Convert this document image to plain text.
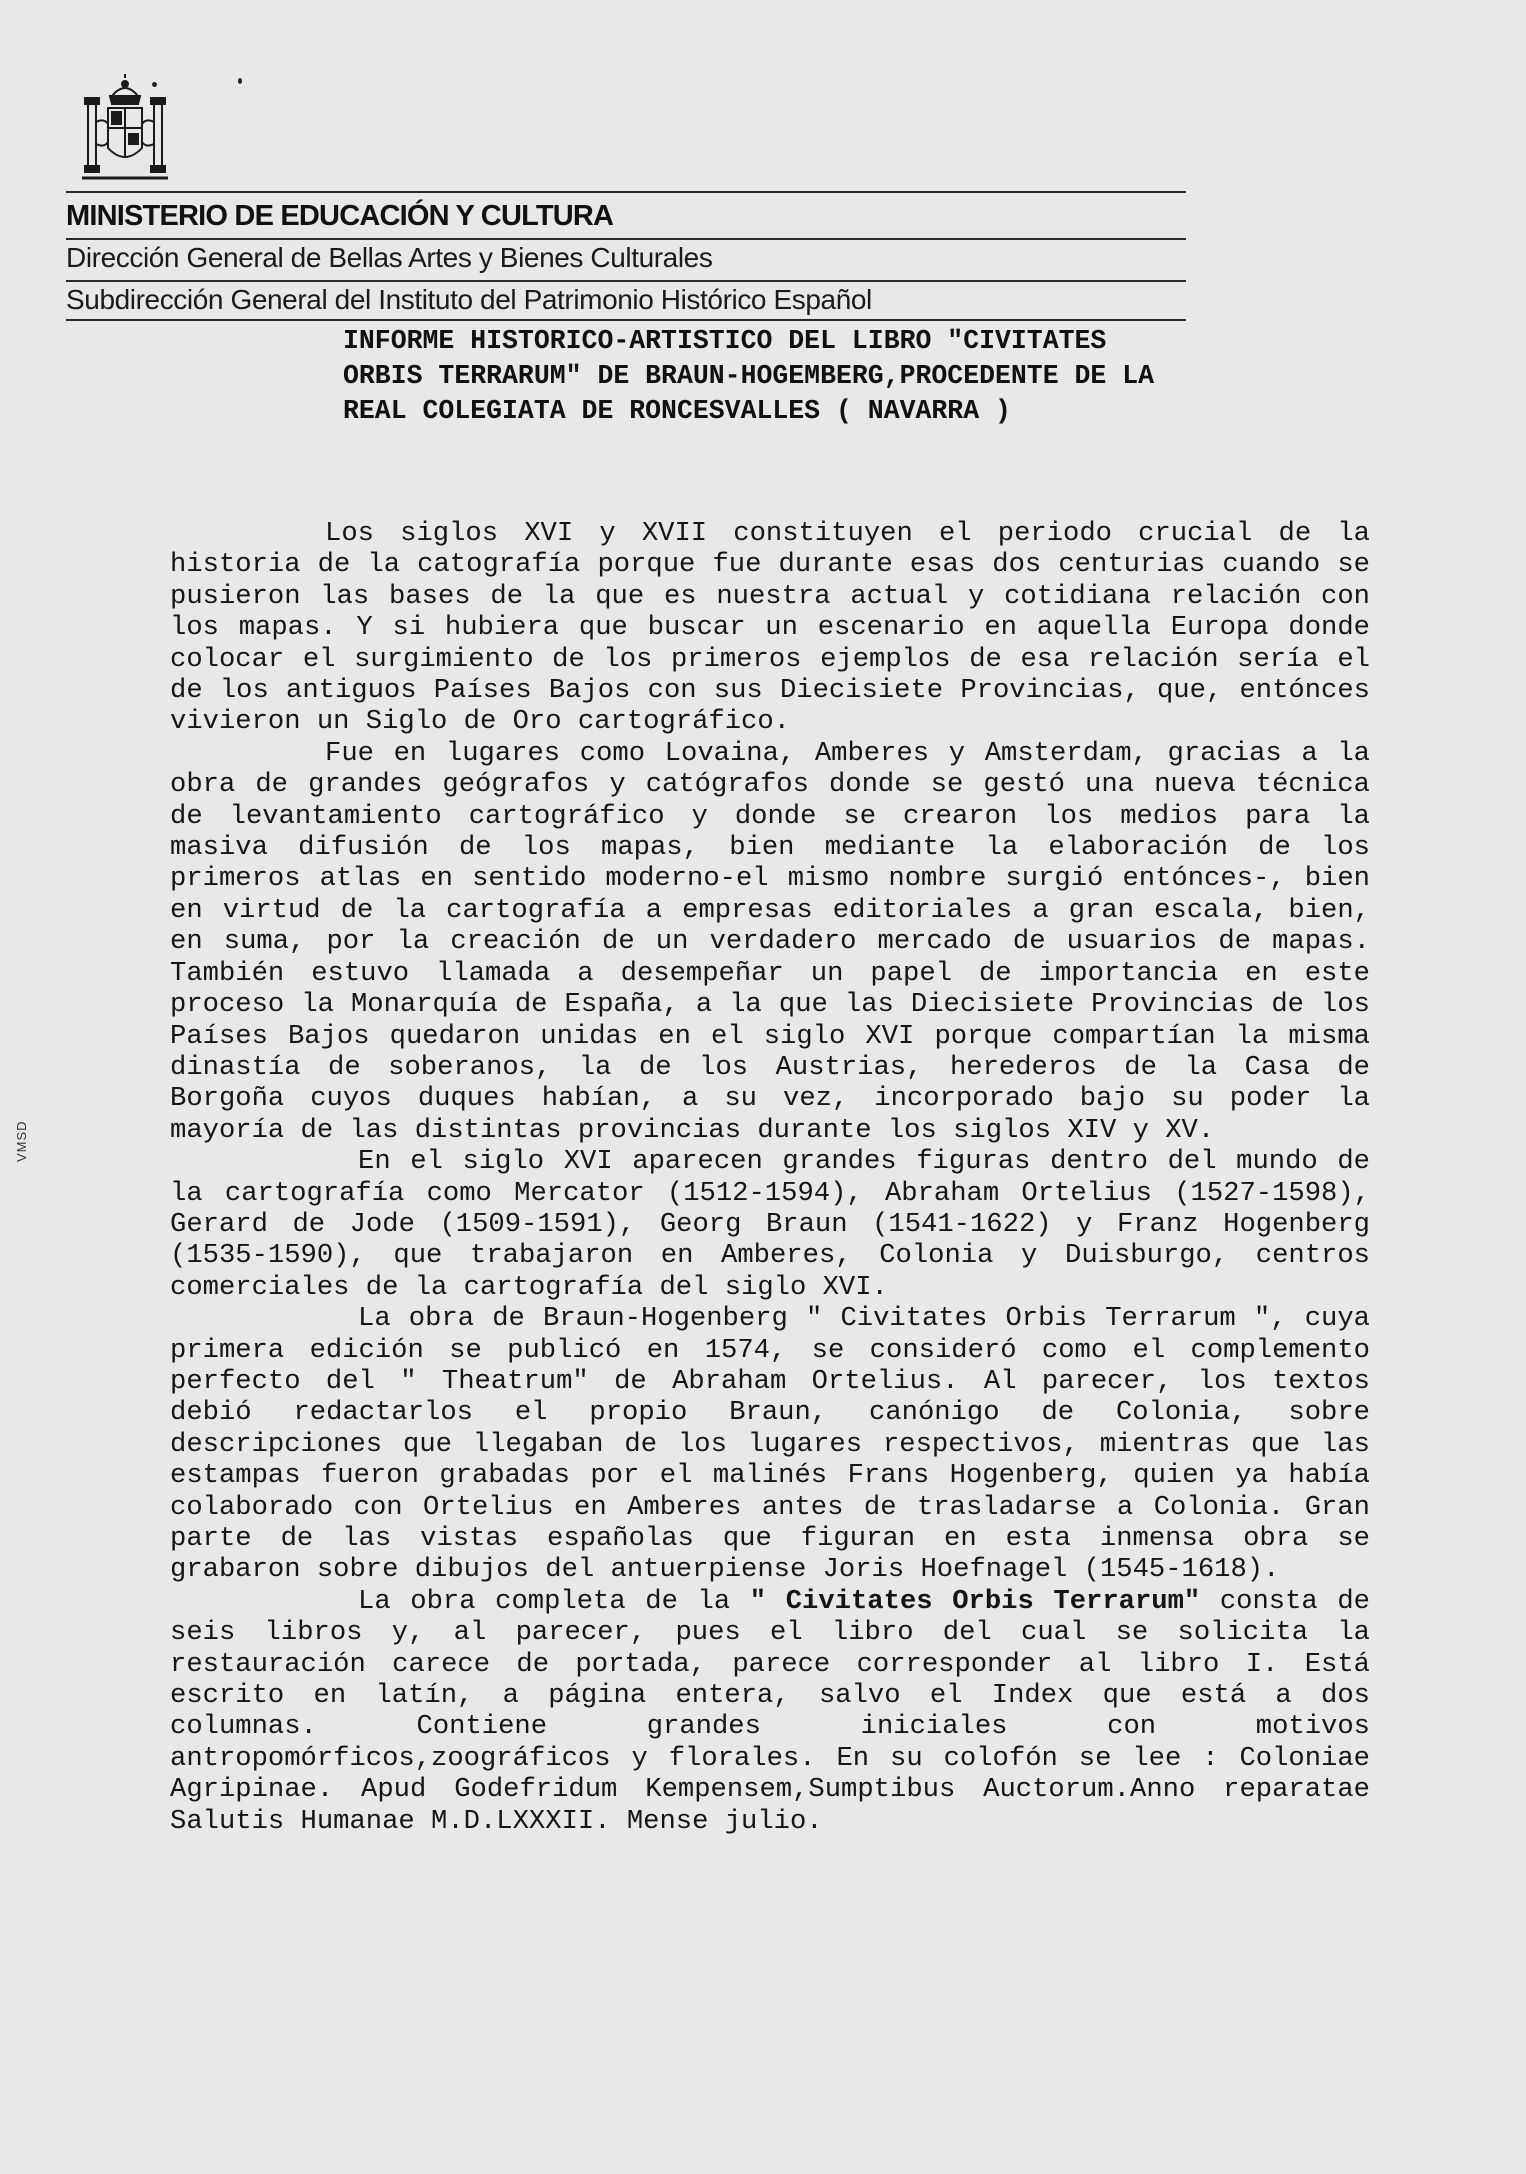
MINISTERIO DE EDUCACIÓN Y CULTURA
Dirección General de Bellas Artes y Bienes Culturales
Subdirección General del Instituto del Patrimonio Histórico Español
INFORME HISTORICO-ARTISTICO DEL LIBRO "CIVITATES
ORBIS TERRARUM" DE BRAUN-HOGEMBERG,PROCEDENTE DE LA
REAL COLEGIATA DE RONCESVALLES ( NAVARRA )

Los siglos XVI y XVII constituyen el periodo crucial de la historia de la catografía porque fue durante esas dos centurias cuando se pusieron las bases de la que es nuestra actual y cotidiana relación con los mapas. Y si hubiera que buscar un escenario en aquella Europa donde colocar el surgimiento de los primeros ejemplos de esa relación sería el de los antiguos Países Bajos con sus Diecisiete Provincias, que, entónces vivieron un Siglo de Oro cartográfico.

Fue en lugares como Lovaina, Amberes y Amsterdam, gracias a la obra de grandes geógrafos y catógrafos donde se gestó una nueva técnica de levantamiento cartográfico y donde se crearon los medios para la masiva difusión de los mapas, bien mediante la elaboración de los primeros atlas en sentido moderno-el mismo nombre surgió entónces-, bien en virtud de la cartografía a empresas editoriales a gran escala, bien, en suma, por la creación de un verdadero mercado de usuarios de mapas. También estuvo llamada a desempeñar un papel de importancia en este proceso la Monarquía de España, a la que las Diecisiete Provincias de los Países Bajos quedaron unidas en el siglo XVI porque compartían la misma dinastía de soberanos, la de los Austrias, herederos de la Casa de Borgoña cuyos duques habían, a su vez, incorporado bajo su poder la mayoría de las distintas provincias durante los siglos XIV y XV.

En el siglo XVI aparecen grandes figuras dentro del mundo de la cartografía como Mercator (1512-1594), Abraham Ortelius (1527-1598), Gerard de Jode (1509-1591), Georg Braun (1541-1622) y Franz Hogenberg (1535-1590), que trabajaron en Amberes, Colonia y Duisburgo, centros comerciales de la cartografía del siglo XVI.

La obra de Braun-Hogenberg " Civitates Orbis Terrarum ", cuya primera edición se publicó en 1574, se consideró como el complemento perfecto del " Theatrum" de Abraham Ortelius. Al parecer, los textos debió redactarlos el propio Braun, canónigo de Colonia, sobre descripciones que llegaban de los lugares respectivos, mientras que las estampas fueron grabadas por el malinés Frans Hogenberg, quien ya había colaborado con Ortelius en Amberes antes de trasladarse a Colonia. Gran parte de las vistas españolas que figuran en esta inmensa obra se grabaron sobre dibujos del antuerpiense Joris Hoefnagel (1545-1618).

La obra completa de la " Civitates Orbis Terrarum" consta de seis libros y, al parecer, pues el libro del cual se solicita la restauración carece de portada, parece corresponder al libro I. Está escrito en latín, a página entera, salvo el Index que está a dos columnas. Contiene grandes iniciales con motivos antropomórficos,zoográficos y florales. En su colofón se lee : Coloniae Agripinae. Apud Godefridum Kempensem,Sumptibus Auctorum.Anno reparatae Salutis Humanae M.D.LXXXII. Mense julio.

VMSD
